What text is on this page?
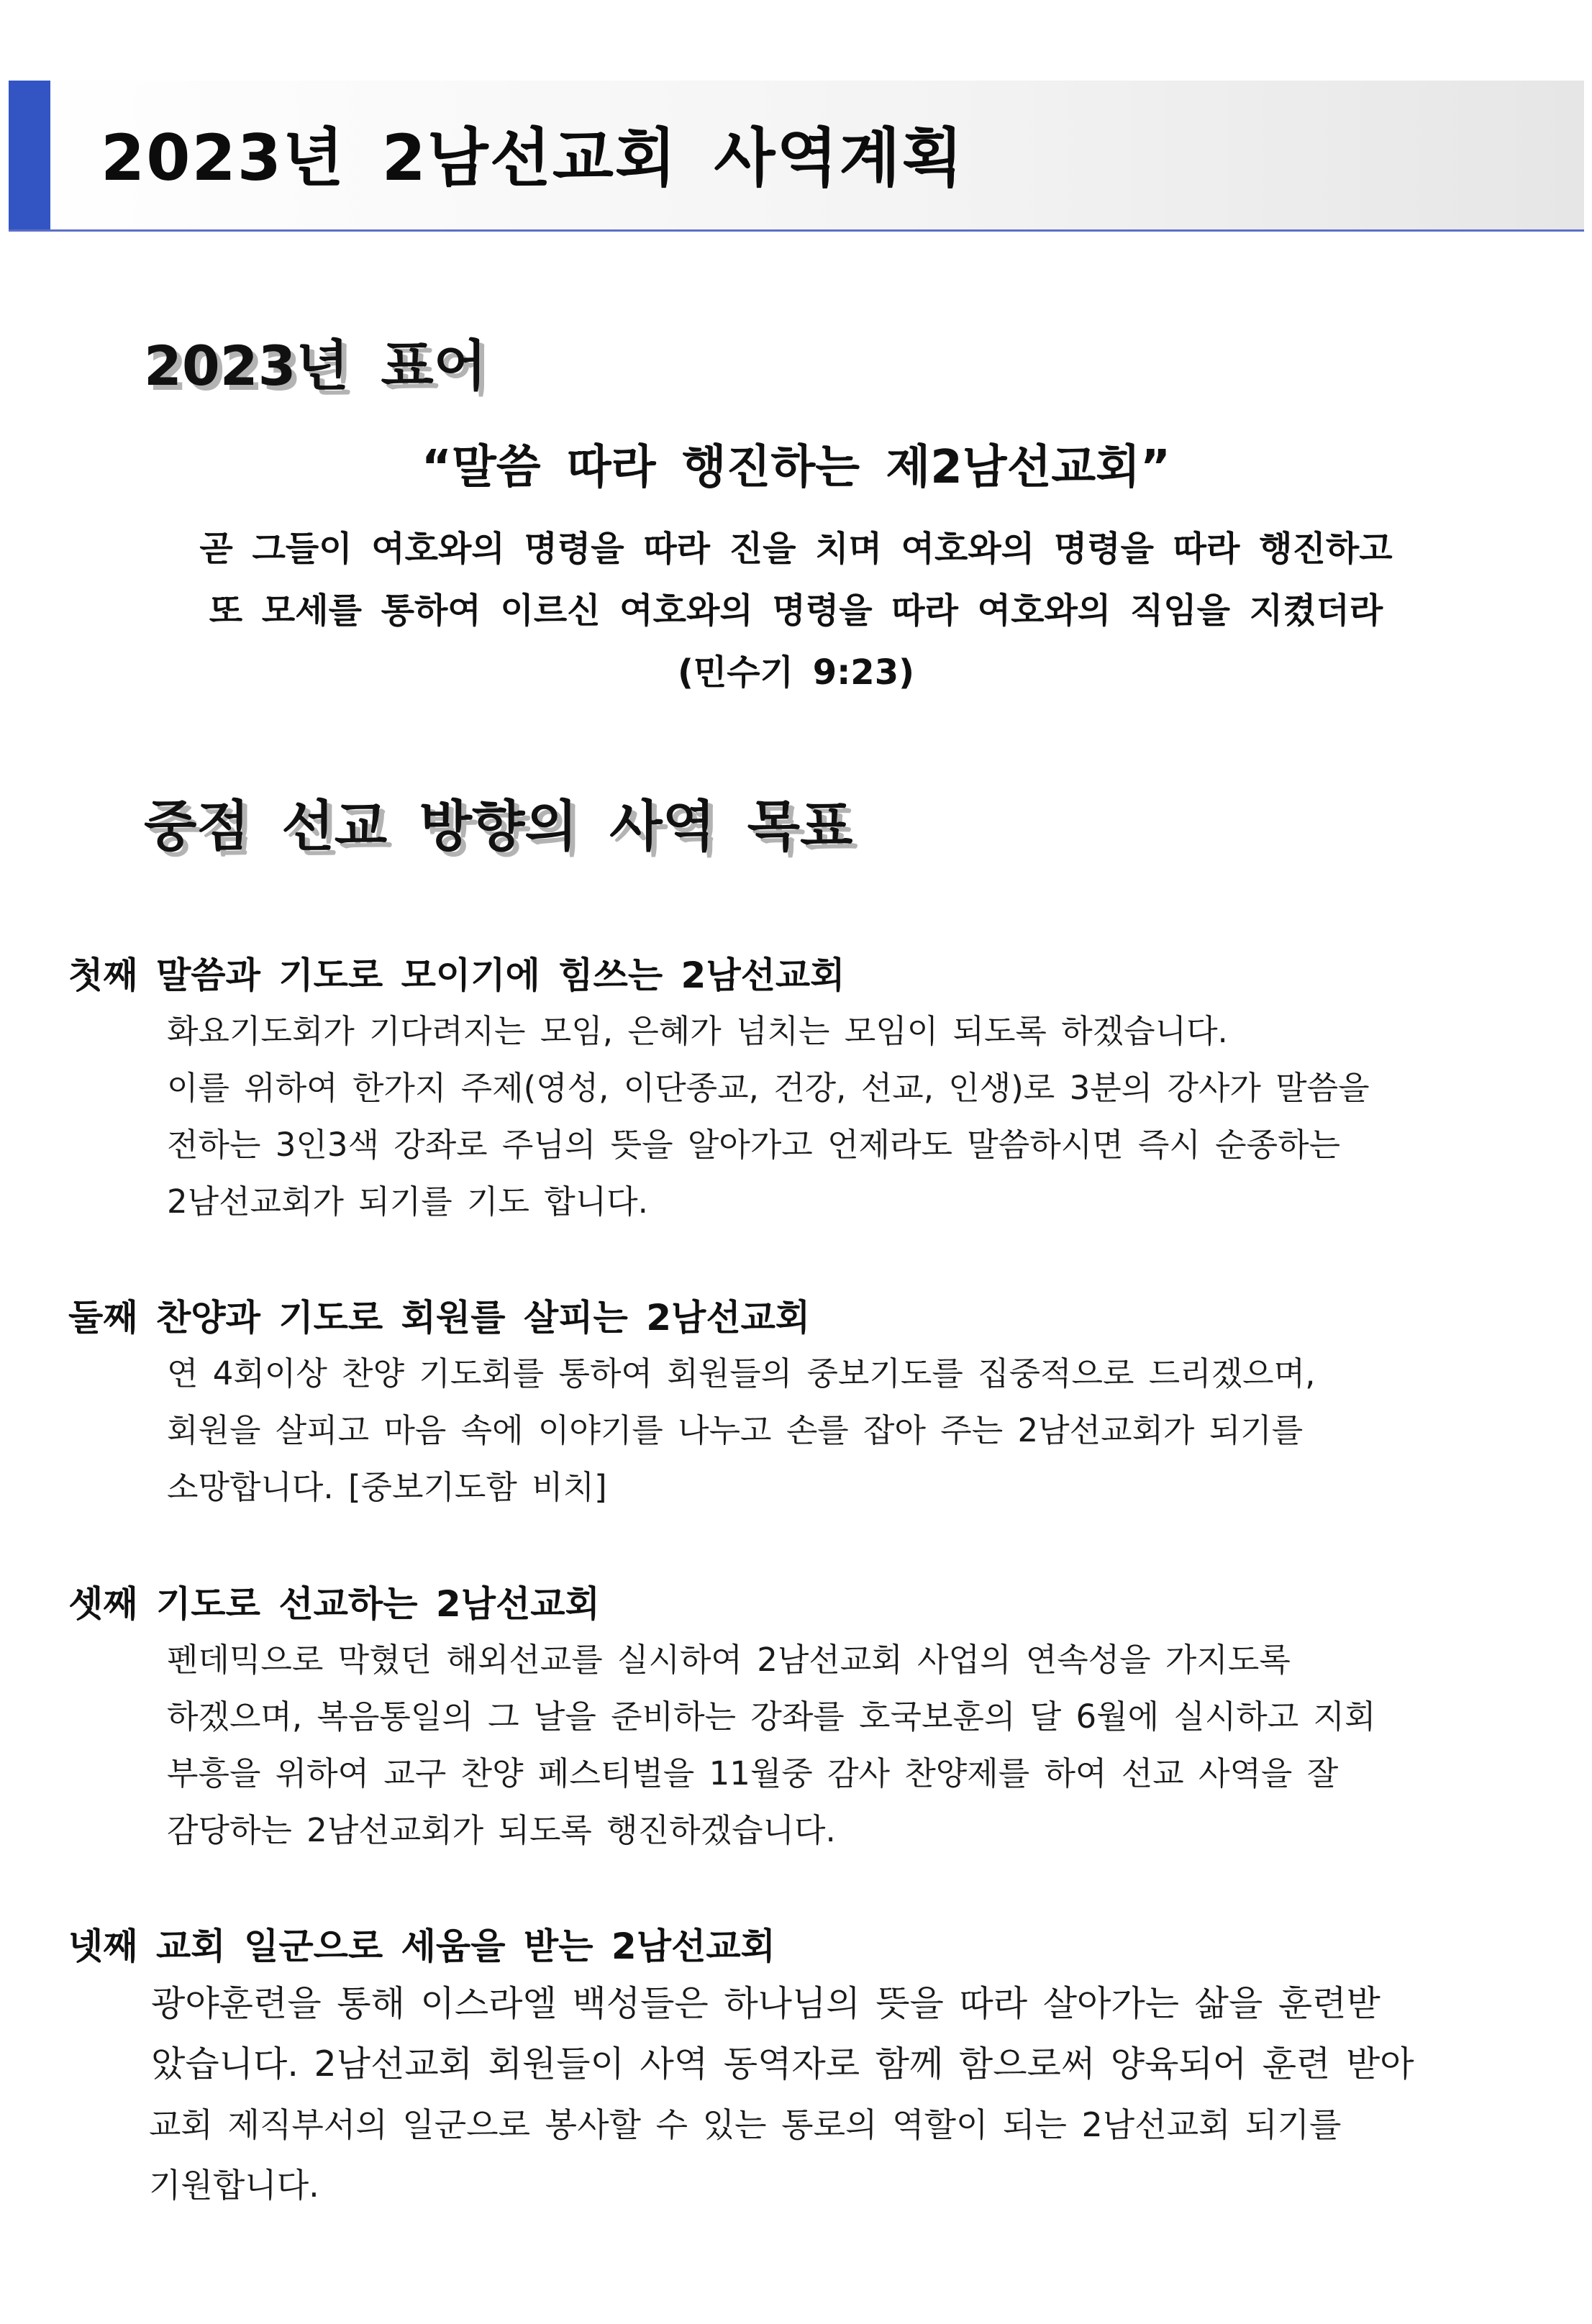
2023년 2남선교회 사역계획
2023년 표어
“말씀 따라 행진하는 제2남선교회”
곧 그들이 여호와의 명령을 따라 진을 치며 여호와의 명령을 따라 행진하고
또 모세를 통하여 이르신 여호와의 명령을 따라 여호와의 직임을 지켰더라
(민수기 9:23)
중점 선교 방향의 사역 목표
첫째 말씀과 기도로 모이기에 힘쓰는 2남선교회
화요기도회가 기다려지는 모임, 은혜가 넘치는 모임이 되도록 하겠습니다.
이를 위하여 한가지 주제(영성, 이단종교, 건강, 선교, 인생)로 3분의 강사가 말씀을
전하는 3인3색 강좌로 주님의 뜻을 알아가고 언제라도 말씀하시면 즉시 순종하는
2남선교회가 되기를 기도 합니다.
둘째 찬양과 기도로 회원를 살피는 2남선교회
연 4회이상 찬양 기도회를 통하여 회원들의 중보기도를 집중적으로 드리겠으며,
회원을 살피고 마음 속에 이야기를 나누고 손를 잡아 주는 2남선교회가 되기를
소망합니다. [중보기도함 비치]
셋째 기도로 선교하는 2남선교회
펜데믹으로 막혔던 해외선교를 실시하여 2남선교회 사업의 연속성을 가지도록
하겠으며, 복음통일의 그 날을 준비하는 강좌를 호국보훈의 달 6월에 실시하고 지회
부흥을 위하여 교구 찬양 페스티벌을 11월중 감사 찬양제를 하여 선교 사역을 잘
감당하는 2남선교회가 되도록 행진하겠습니다.
넷째 교회 일군으로 세움을 받는 2남선교회
광야훈련을 통해 이스라엘 백성들은 하나님의 뜻을 따라 살아가는 삶을 훈련받
았습니다. 2남선교회 회원들이 사역 동역자로 함께 함으로써 양육되어 훈련 받아
교회 제직부서의 일군으로 봉사할 수 있는 통로의 역할이 되는 2남선교회 되기를
기원합니다.
